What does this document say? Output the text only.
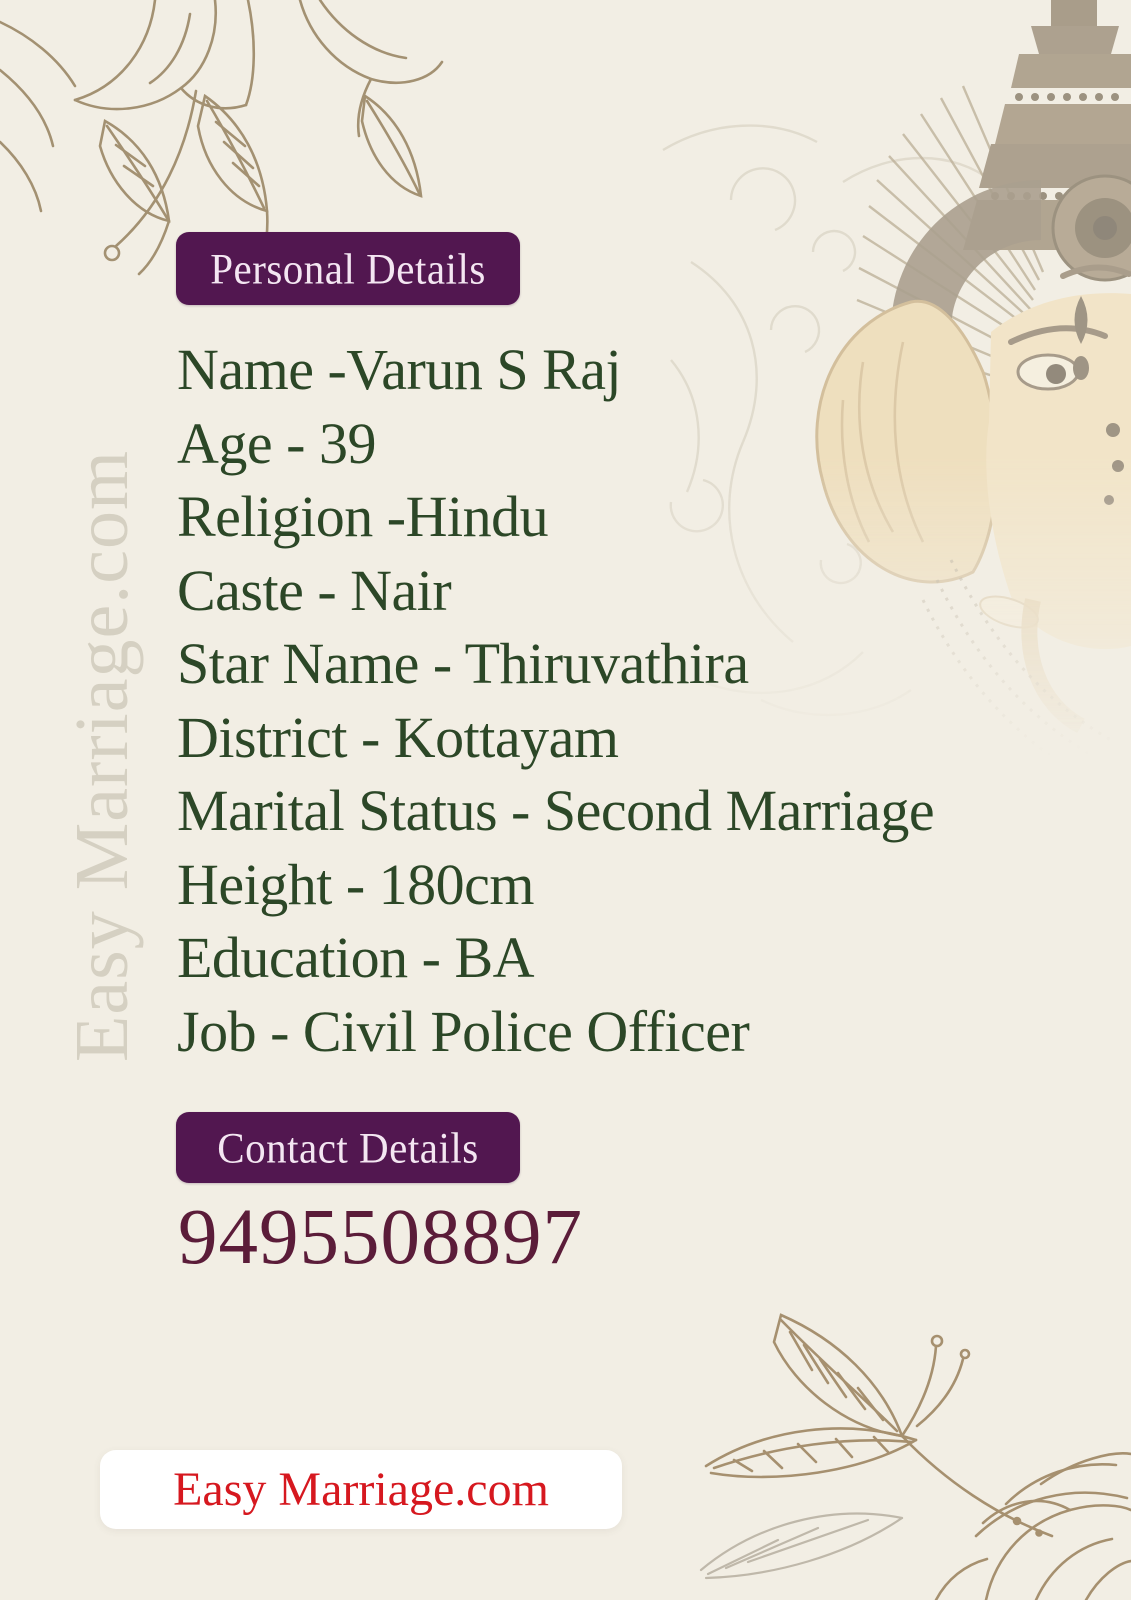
Easy Marriage.com
Personal Details
Name -Varun S Raj
Age - 39
Religion -Hindu
Caste - Nair
Star Name - Thiruvathira
District - Kottayam
Marital Status - Second Marriage
Height - 180cm
Education - BA
Job - Civil Police Officer
Contact Details
9495508897
Easy Marriage.com
